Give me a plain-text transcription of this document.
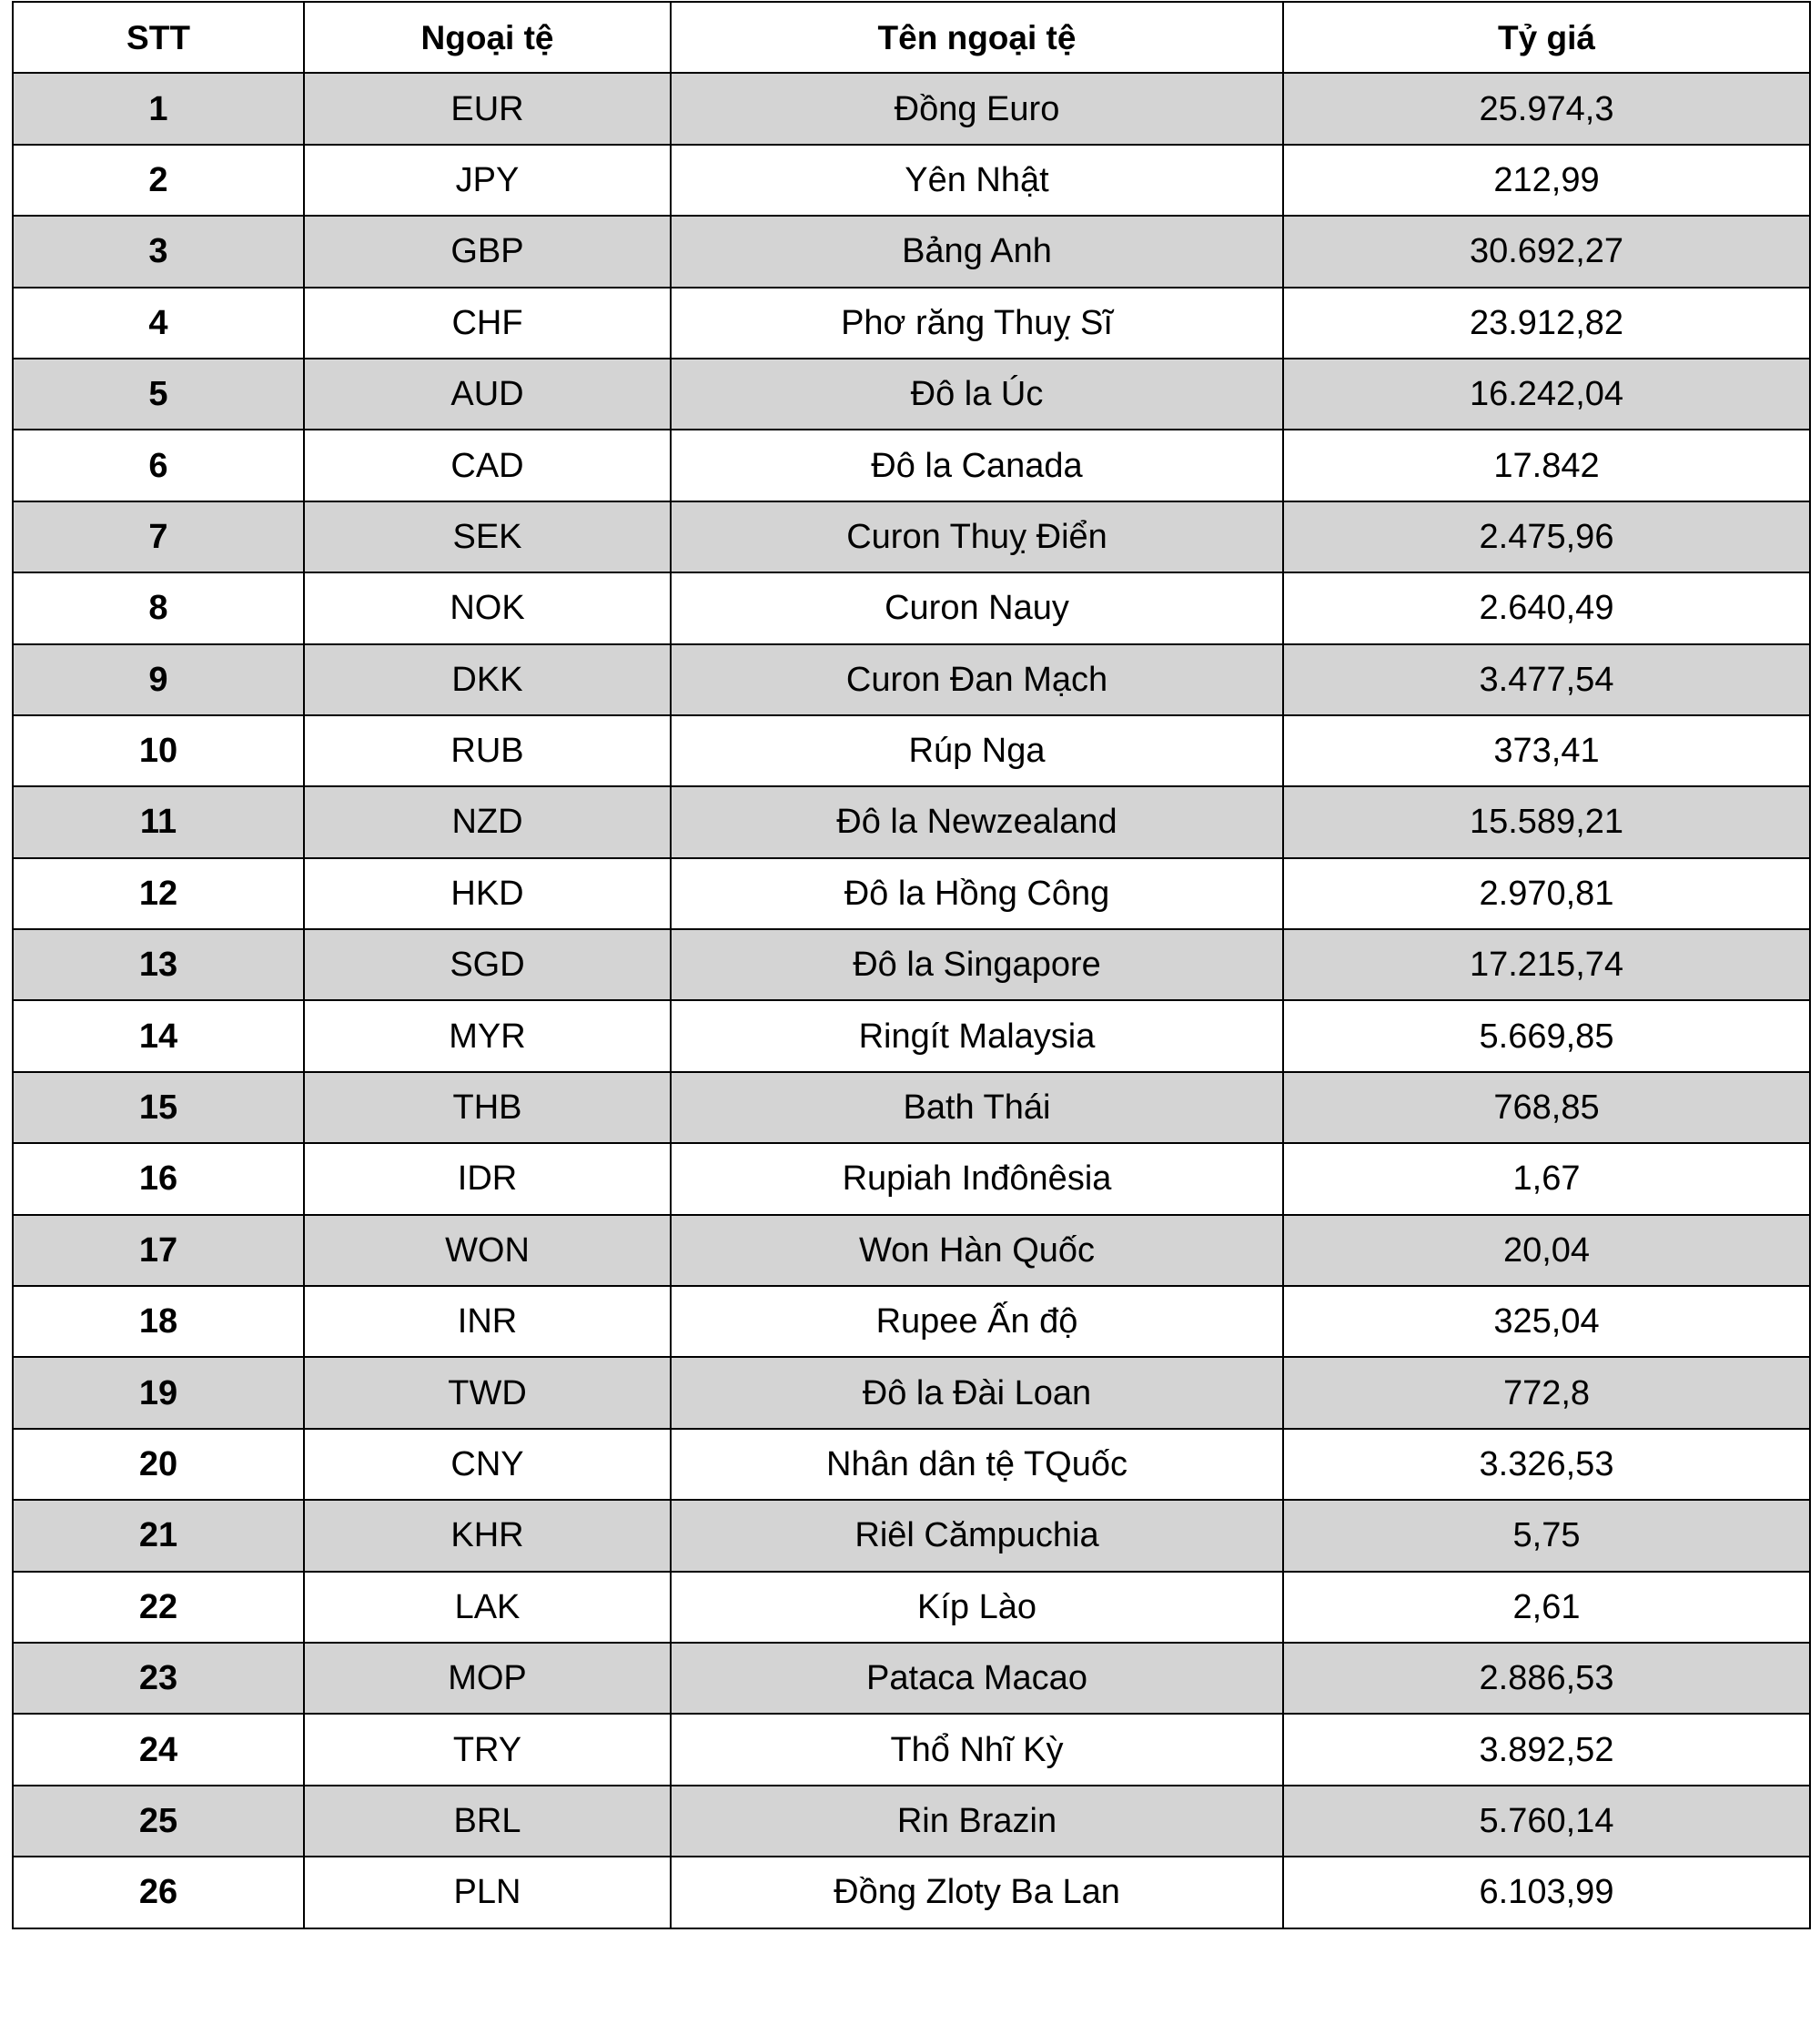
STT	Ngoại tệ	Tên ngoại tệ	Tỷ giá
1	EUR	Đồng Euro	25.974,3
2	JPY	Yên Nhật	212,99
3	GBP	Bảng Anh	30.692,27
4	CHF	Phơ răng Thuỵ Sĩ	23.912,82
5	AUD	Đô la Úc	16.242,04
6	CAD	Đô la Canada	17.842
7	SEK	Curon Thuỵ Điển	2.475,96
8	NOK	Curon Nauy	2.640,49
9	DKK	Curon Đan Mạch	3.477,54
10	RUB	Rúp Nga	373,41
11	NZD	Đô la Newzealand	15.589,21
12	HKD	Đô la Hồng Công	2.970,81
13	SGD	Đô la Singapore	17.215,74
14	MYR	Ringít Malaysia	5.669,85
15	THB	Bath Thái	768,85
16	IDR	Rupiah Inđônêsia	1,67
17	WON	Won Hàn Quốc	20,04
18	INR	Rupee Ấn độ	325,04
19	TWD	Đô la Đài Loan	772,8
20	CNY	Nhân dân tệ TQuốc	3.326,53
21	KHR	Riêl Cămpuchia	5,75
22	LAK	Kíp Lào	2,61
23	MOP	Pataca Macao	2.886,53
24	TRY	Thổ Nhĩ Kỳ	3.892,52
25	BRL	Rin Brazin	5.760,14
26	PLN	Đồng Zloty Ba Lan	6.103,99
